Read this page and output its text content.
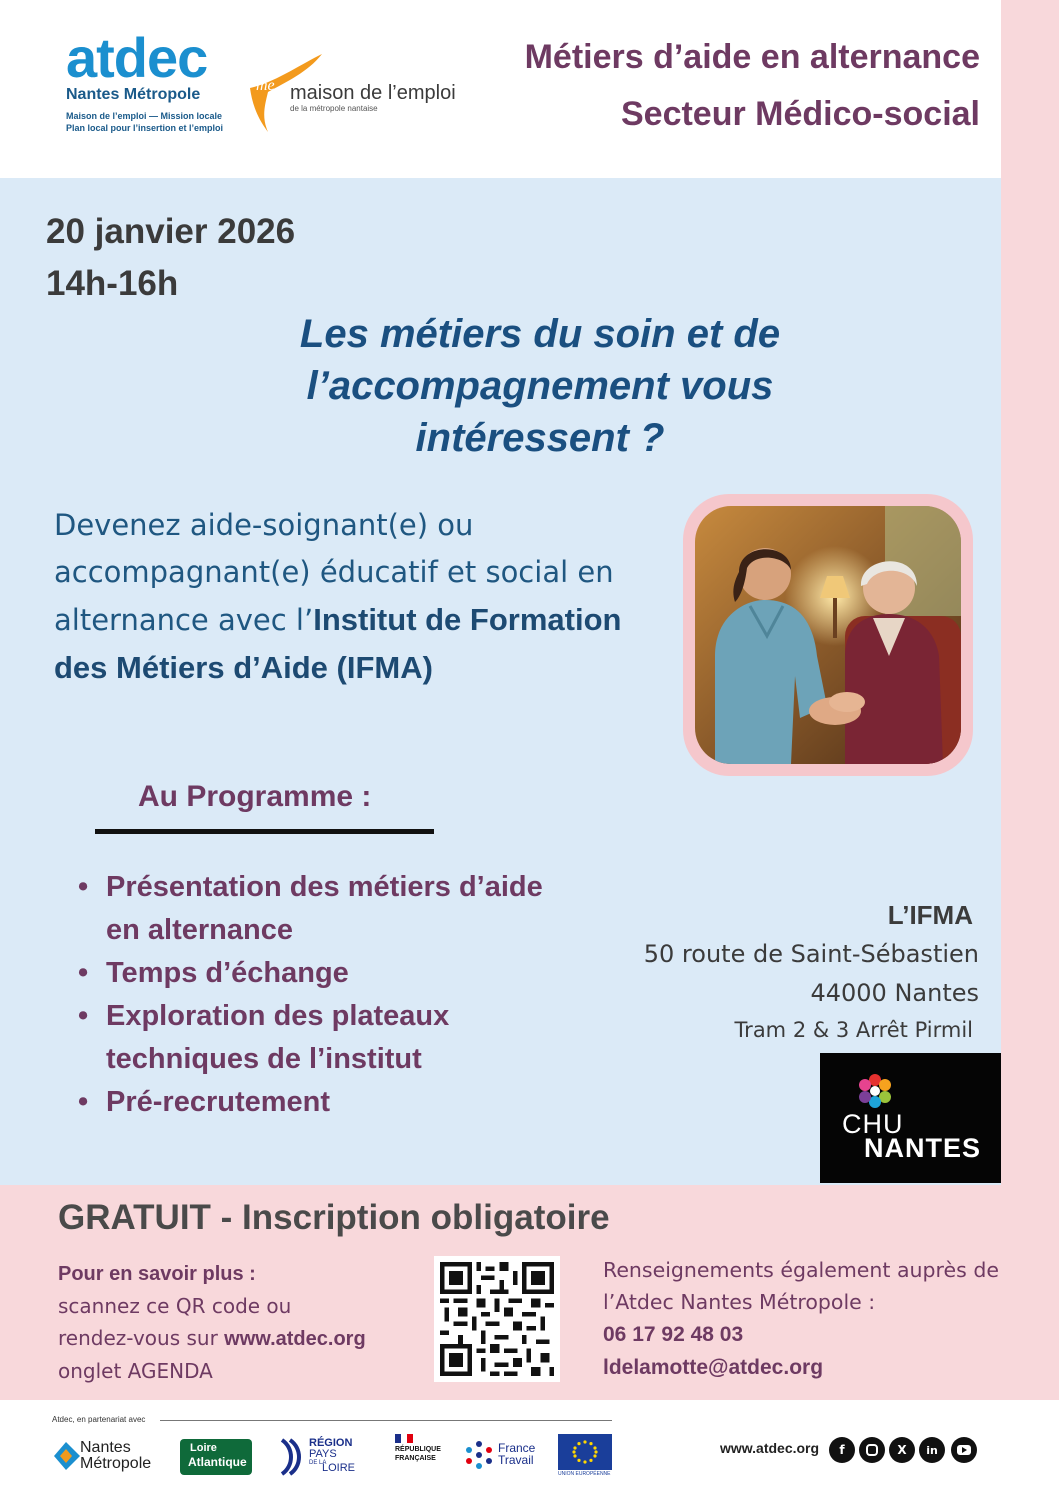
atdec
Nantes Métropole
Maison de l’emploi — Mission locale
Plan local pour l’insertion et l’emploi
me maison de l’emploi
de la métropole nantaise
Métiers d’aide en alternance
Secteur Médico-social
20 janvier 2026
14h-16h
Les métiers du soin et de
l’accompagnement vous
intéressent ?
Devenez aide-soignant(e) ou accompagnant(e) éducatif et social en alternance avec l’Institut de Formation des Métiers d’Aide (IFMA)
Au Programme :
• Présentation des métiers d’aide en alternance
• Temps d’échange
• Exploration des plateaux techniques de l’institut
• Pré-recrutement
L’IFMA
50 route de Saint-Sébastien
44000 Nantes
Tram 2 & 3 Arrêt Pirmil
CHU
NANTES
GRATUIT - Inscription obligatoire
Pour en savoir plus :
scannez ce QR code ou
rendez-vous sur www.atdec.org
onglet AGENDA
Renseignements également auprès de
l’Atdec Nantes Métropole :
06 17 92 48 03
ldelamotte@atdec.org
Atdec, en partenariat avec
Nantes
Métropole
Loire
Atlantique
RÉGION
PAYS
DE LA
LOIRE
RÉPUBLIQUE
FRANÇAISE
France
Travail
UNION EUROPÉENNE
www.atdec.org	f	X	in
